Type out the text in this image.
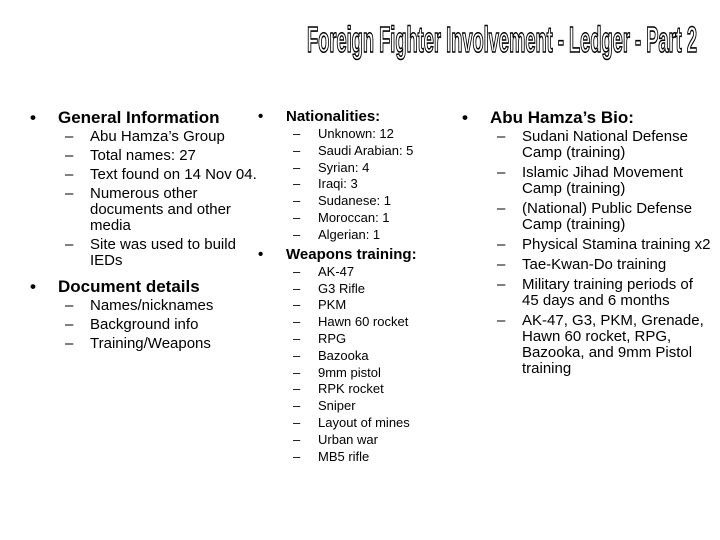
Foreign Fighter Involvement - Ledger - Part 2
• General Information
– Abu Hamza’s Group
– Total names: 27
– Text found on 14 Nov 04.
– Numerous other documents and other media
– Site was used to build IEDs
• Document details
– Names/nicknames
– Background info
– Training/Weapons
• Nationalities:
– Unknown: 12
– Saudi Arabian: 5
– Syrian: 4
– Iraqi: 3
– Sudanese: 1
– Moroccan: 1
– Algerian: 1
• Weapons training:
– AK-47
– G3 Rifle
– PKM
– Hawn 60 rocket
– RPG
– Bazooka
– 9mm pistol
– RPK rocket
– Sniper
– Layout of mines
– Urban war
– MB5 rifle
• Abu Hamza’s Bio:
– Sudani National Defense Camp (training)
– Islamic Jihad Movement Camp (training)
– (National) Public Defense Camp (training)
– Physical Stamina training x2
– Tae-Kwan-Do training
– Military training periods of 45 days and 6 months
– AK-47, G3, PKM, Grenade, Hawn 60 rocket, RPG, Bazooka, and 9mm Pistol training
